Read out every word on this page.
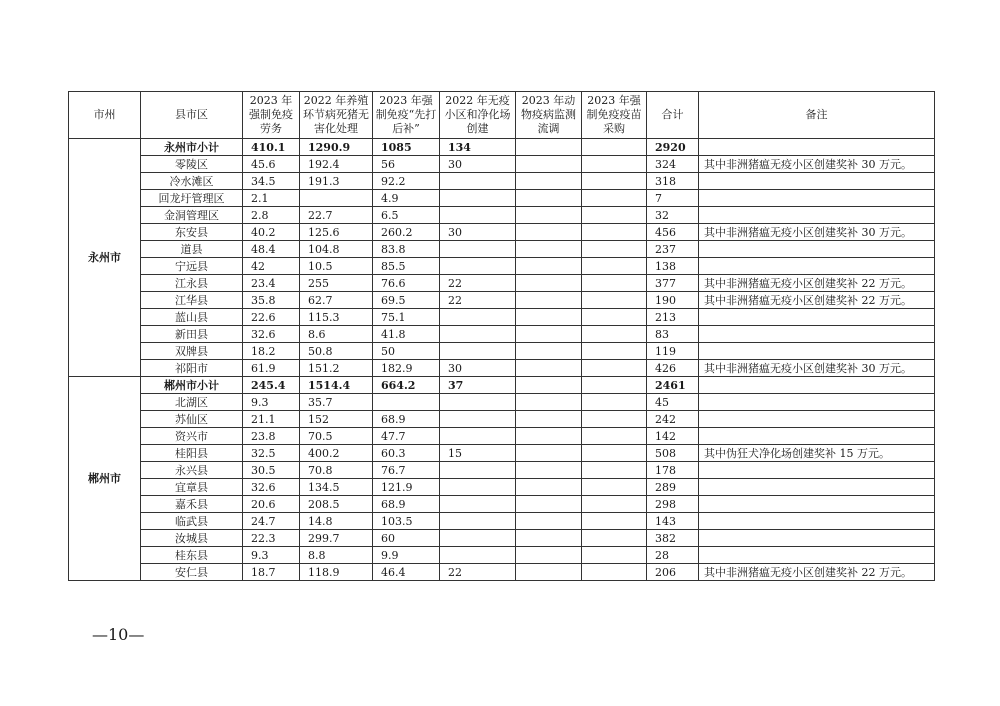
市州	县市区	2023 年强制免疫劳务	2022 年养殖环节病死猪无害化处理	2023 年强制免疫“先打后补”	2022 年无疫小区和净化场创建	2023 年动物疫病监测流调	2023 年强制免疫疫苗采购	合计	备注
永州市	永州市小计	410.1	1290.9	1085	134			2920	
	零陵区	45.6	192.4	56	30			324	其中非洲猪瘟无疫小区创建奖补 30 万元。
	冷水滩区	34.5	191.3	92.2				318	
	回龙圩管理区	2.1		4.9				7	
	金洞管理区	2.8	22.7	6.5				32	
	东安县	40.2	125.6	260.2	30			456	其中非洲猪瘟无疫小区创建奖补 30 万元。
	道县	48.4	104.8	83.8				237	
	宁远县	42	10.5	85.5				138	
	江永县	23.4	255	76.6	22			377	其中非洲猪瘟无疫小区创建奖补 22 万元。
	江华县	35.8	62.7	69.5	22			190	其中非洲猪瘟无疫小区创建奖补 22 万元。
	蓝山县	22.6	115.3	75.1				213	
	新田县	32.6	8.6	41.8				83	
	双牌县	18.2	50.8	50				119	
	祁阳市	61.9	151.2	182.9	30			426	其中非洲猪瘟无疫小区创建奖补 30 万元。
郴州市	郴州市小计	245.4	1514.4	664.2	37			2461	
	北湖区	9.3	35.7					45	
	苏仙区	21.1	152	68.9				242	
	资兴市	23.8	70.5	47.7				142	
	桂阳县	32.5	400.2	60.3	15			508	其中伪狂犬净化场创建奖补 15 万元。
	永兴县	30.5	70.8	76.7				178	
	宜章县	32.6	134.5	121.9				289	
	嘉禾县	20.6	208.5	68.9				298	
	临武县	24.7	14.8	103.5				143	
	汝城县	22.3	299.7	60				382	
	桂东县	9.3	8.8	9.9				28	
	安仁县	18.7	118.9	46.4	22			206	其中非洲猪瘟无疫小区创建奖补 22 万元。
—10—
